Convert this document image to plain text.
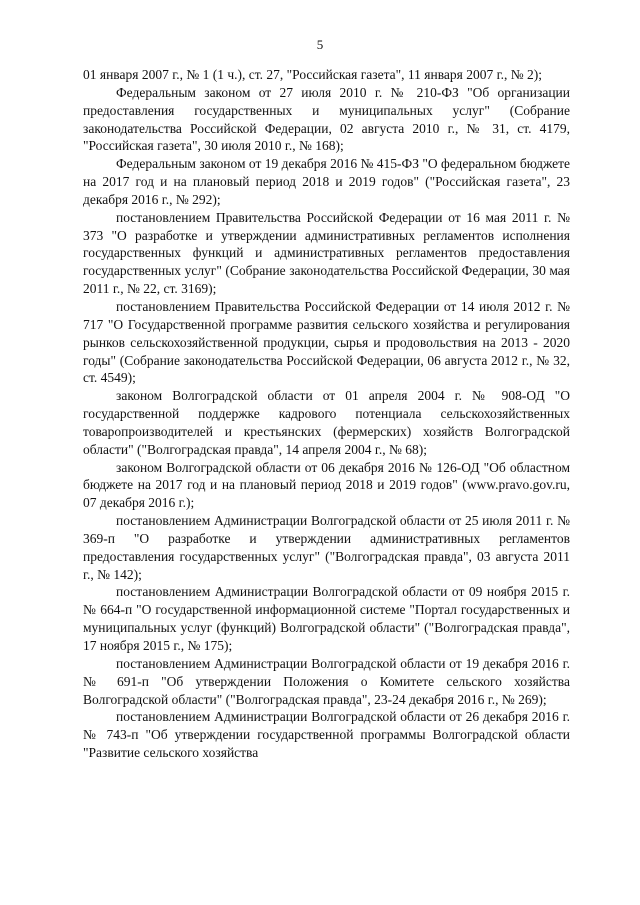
5

01 января 2007 г., № 1 (1 ч.), ст. 27, "Российская газета", 11 января 2007 г., № 2);

Федеральным законом от 27 июля 2010 г. № 210-ФЗ "Об организации предоставления государственных и муниципальных услуг" (Собрание законодательства Российской Федерации, 02 августа 2010 г., № 31, ст. 4179, "Российская газета", 30 июля 2010 г., № 168);

Федеральным законом от 19 декабря 2016 № 415-ФЗ "О федеральном бюджете на 2017 год и на плановый период 2018 и 2019 годов" ("Российская газета", 23 декабря 2016 г., № 292);

постановлением Правительства Российской Федерации от 16 мая 2011 г. № 373 "О разработке и утверждении административных регламентов исполнения государственных функций и административных регламентов предоставления государственных услуг" (Собрание законодательства Российской Федерации, 30 мая 2011 г., № 22, ст. 3169);

постановлением Правительства Российской Федерации от 14 июля 2012 г. № 717 "О Государственной программе развития сельского хозяйства и регулирования рынков сельскохозяйственной продукции, сырья и продовольствия на 2013 - 2020 годы" (Собрание законодательства Российской Федерации, 06 августа 2012 г., № 32, ст. 4549);

законом Волгоградской области от 01 апреля 2004 г. № 908-ОД "О государственной поддержке кадрового потенциала сельскохозяйственных товаропроизводителей и крестьянских (фермерских) хозяйств Волгоградской области" ("Волгоградская правда", 14 апреля 2004 г., № 68);

законом Волгоградской области от 06 декабря 2016 № 126-ОД "Об областном бюджете на 2017 год и на плановый период 2018 и 2019 годов" (www.pravo.gov.ru, 07 декабря 2016 г.);

постановлением Администрации Волгоградской области от 25 июля 2011 г. № 369-п "О разработке и утверждении административных регламентов предоставления государственных услуг" ("Волгоградская правда", 03 августа 2011 г., № 142);

постановлением Администрации Волгоградской области от 09 ноября 2015 г. № 664-п "О государственной информационной системе "Портал государственных и муниципальных услуг (функций) Волгоградской области" ("Волгоградская правда", 17 ноября 2015 г., № 175);

постановлением Администрации Волгоградской области от 19 декабря 2016 г. № 691-п "Об утверждении Положения о Комитете сельского хозяйства Волгоградской области" ("Волгоградская правда", 23-24 декабря 2016 г., № 269);

постановлением Администрации Волгоградской области от 26 декабря 2016 г. № 743-п "Об утверждении государственной программы Волгоградской области "Развитие сельского хозяйства
